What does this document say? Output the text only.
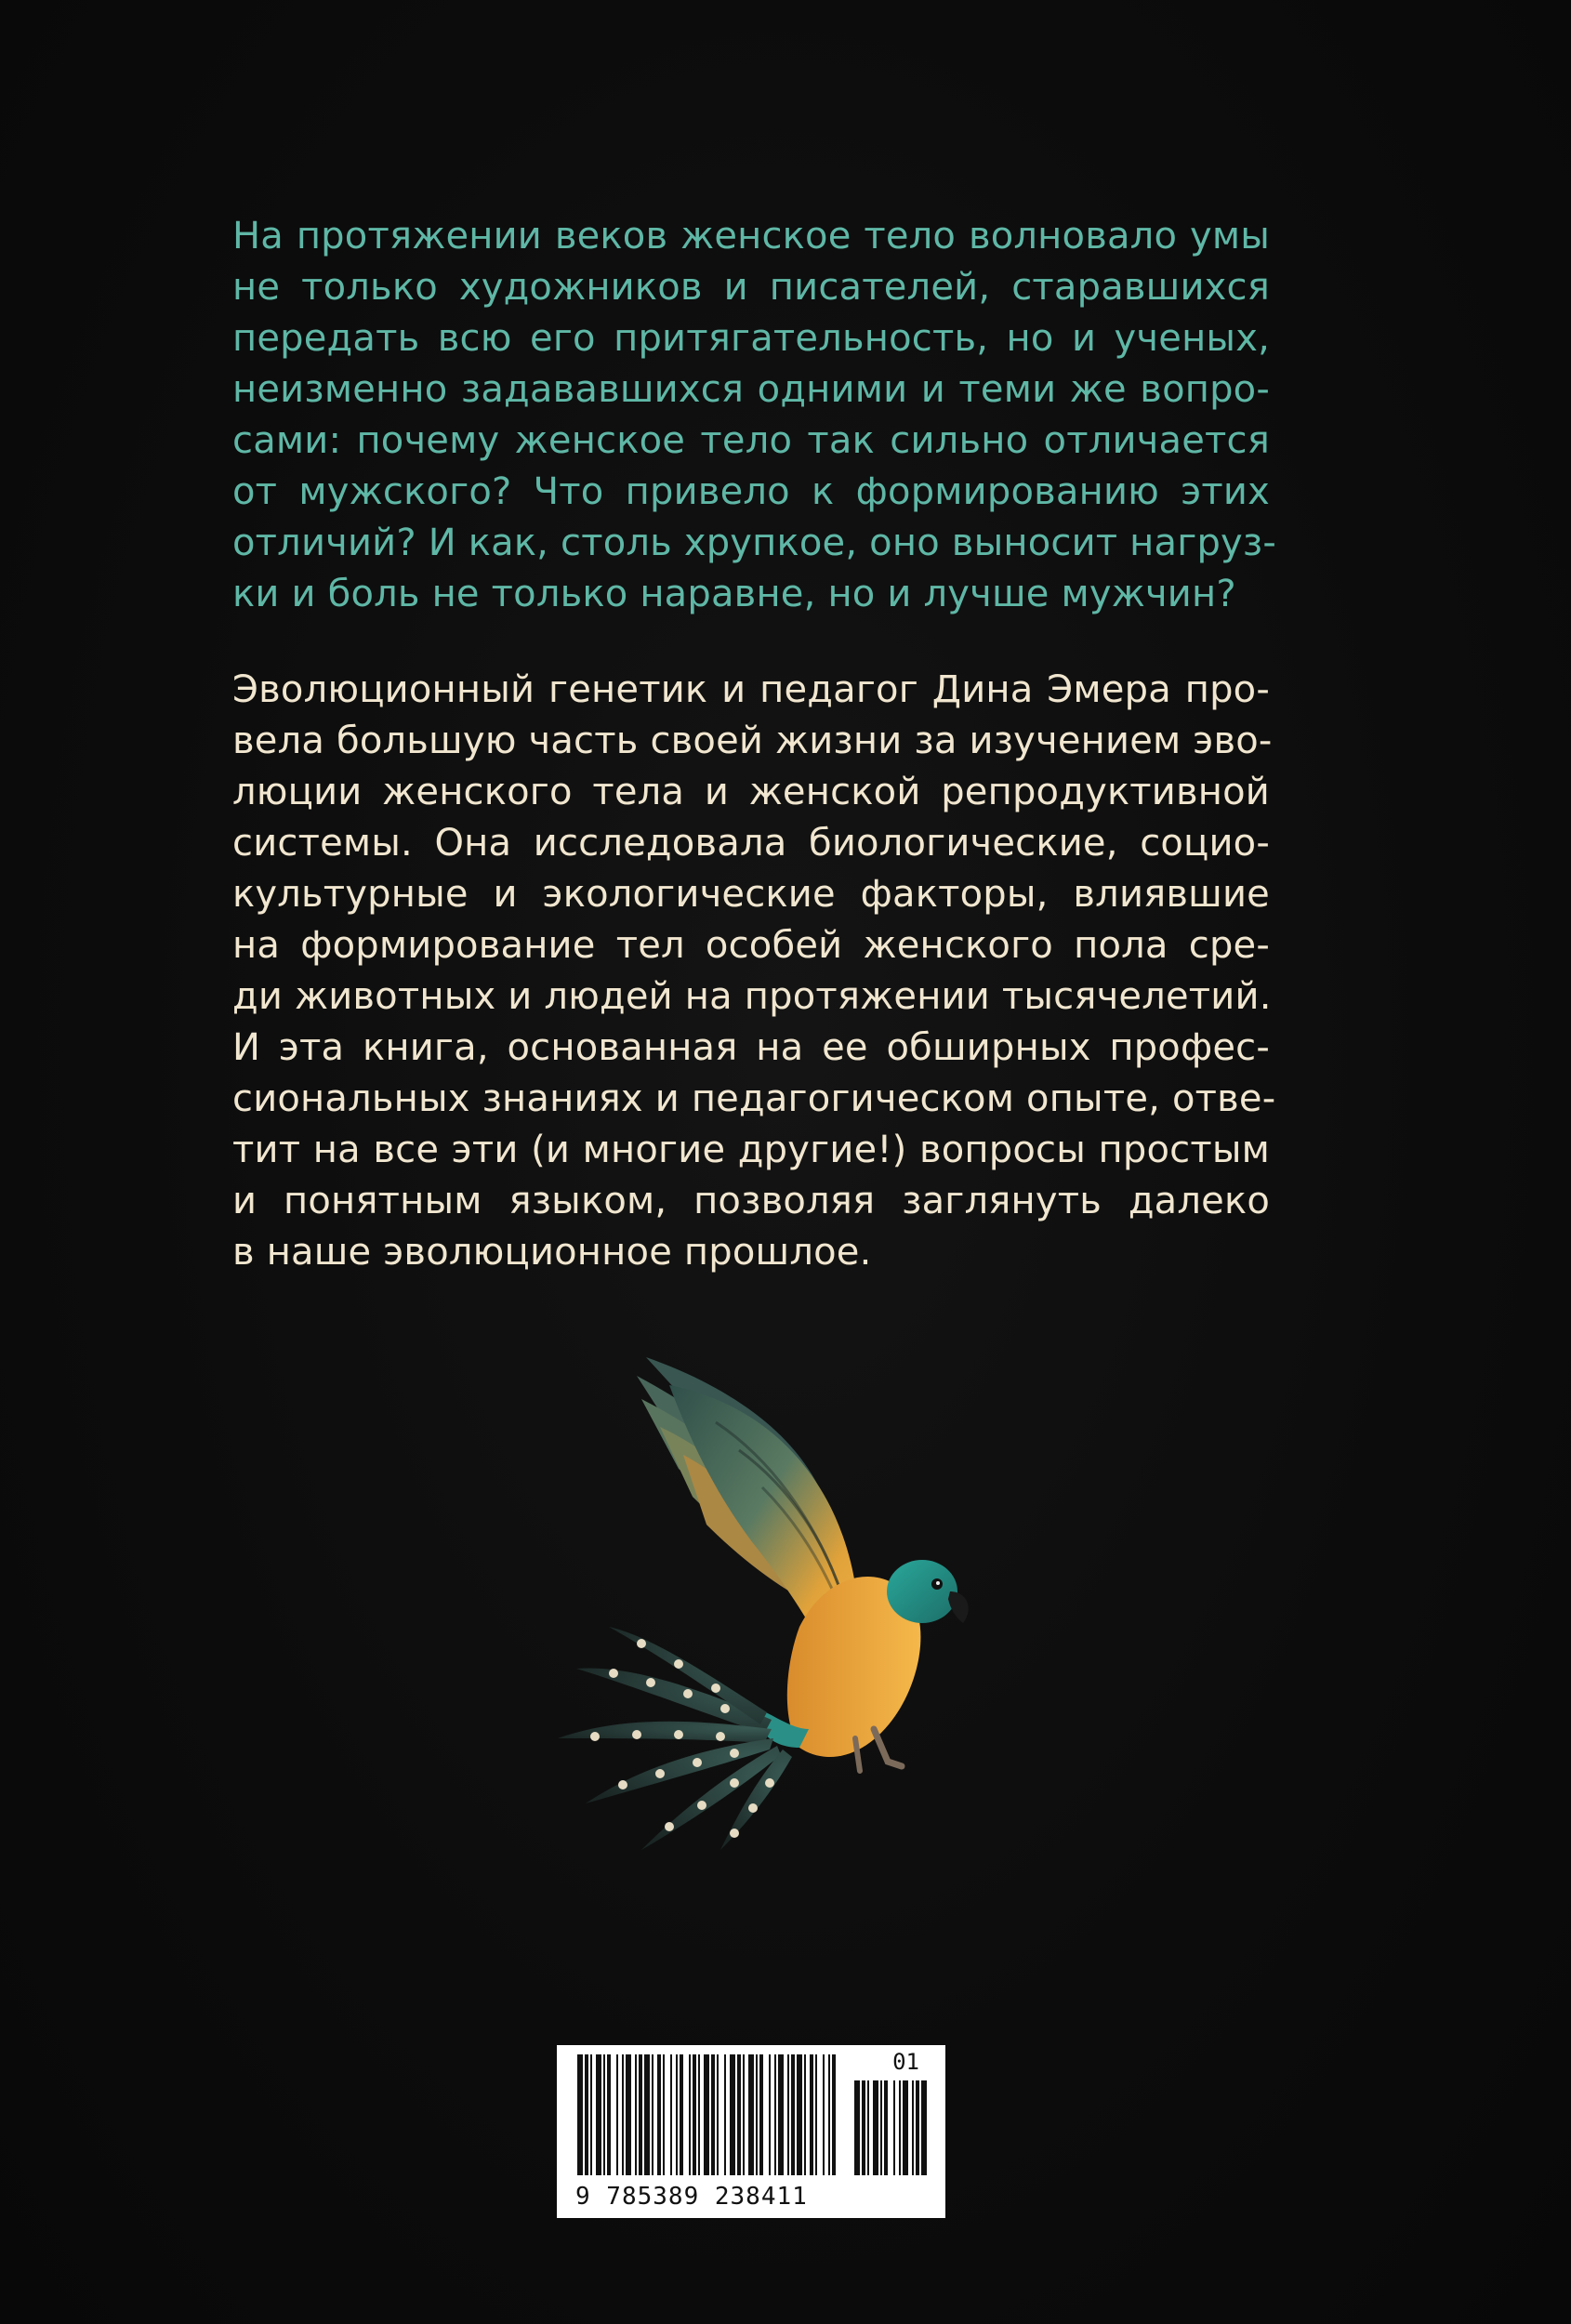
На протяжении веков женское тело волновало умы
не только художников и писателей, старавшихся
передать всю его притягательность, но и ученых,
неизменно задававшихся одними и теми же вопро-
сами: почему женское тело так сильно отличается
от мужского? Что привело к формированию этих
отличий? И как, столь хрупкое, оно выносит нагруз-
ки и боль не только наравне, но и лучше мужчин?
Эволюционный генетик и педагог Дина Эмера про-
вела большую часть своей жизни за изучением эво-
люции женского тела и женской репродуктивной
системы. Она исследовала биологические, социо-
культурные и экологические факторы, влиявшие
на формирование тел особей женского пола сре-
ди животных и людей на протяжении тысячелетий.
И эта книга, основанная на ее обширных профес-
сиональных знаниях и педагогическом опыте, отве-
тит на все эти (и многие другие!) вопросы простым
и понятным языком, позволяя заглянуть далеко
в наше эволюционное прошлое.
01
9 785389 238411
